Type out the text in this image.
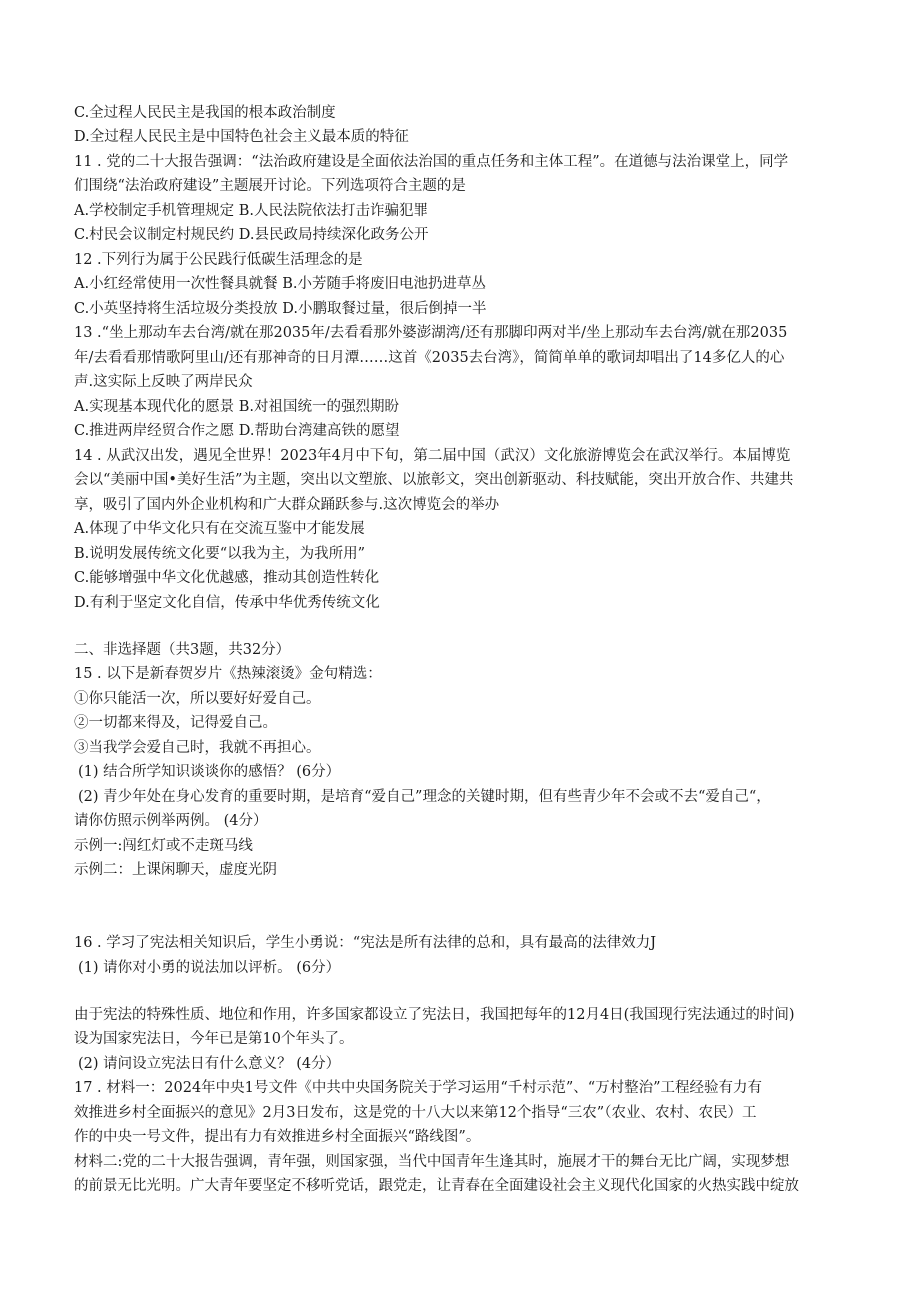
C.全过程人民民主是我国的根本政治制度
D.全过程人民民主是中国特色社会主义最本质的特征
11 . 党的二十大报告强调：“法治政府建设是全面依法治国的重点任务和主体工程”。在道德与法治课堂上，同学
们围绕“法治政府建设”主题展开讨论。下列选项符合主题的是
A.学校制定手机管理规定 B.人民法院依法打击诈骗犯罪
C.村民会议制定村规民约 D.县民政局持续深化政务公开
12 .下列行为属于公民践行低碳生活理念的是
A.小红经常使用一次性餐具就餐 B.小芳随手将废旧电池扔进草丛
C.小英坚持将生活垃圾分类投放 D.小鹏取餐过量，很后倒掉一半
13 .“坐上那动车去台湾/就在那2035年/去看看那外婆澎湖湾/还有那脚印两对半/坐上那动车去台湾/就在那2035
年/去看看那情歌阿里山/还有那神奇的日月潭……这首《2035去台湾》，简简单单的歌词却唱出了14多亿人的心
声.这实际上反映了两岸民众
A.实现基本现代化的愿景 B.对祖国统一的强烈期盼
C.推进两岸经贸合作之愿 D.帮助台湾建高铁的愿望
14 . 从武汉出发，遇见全世界！2023年4月中下旬，第二届中国（武汉）文化旅游博览会在武汉举行。本届博览
会以“美丽中国•美好生活”为主题，突出以文塑旅、以旅彰文，突出创新驱动、科技赋能，突出开放合作、共建共
享，吸引了国内外企业机构和广大群众踊跃参与.这次博览会的举办
A.体现了中华文化只有在交流互鉴中才能发展
B.说明发展传统文化要“以我为主，为我所用”
C.能够增强中华文化优越感，推动其创造性转化
D.有利于坚定文化自信，传承中华优秀传统文化
二、非选择题（共3题，共32分）
15 . 以下是新春贺岁片《热辣滚烫》金句精选：
①你只能活一次，所以要好好爱自己。
②一切都来得及，记得爱自己。
③当我学会爱自己时，我就不再担心。
(1) 结合所学知识谈谈你的感悟？ (6分）
(2) 青少年处在身心发育的重要时期，是培育“爱自己”理念的关键时期，但有些青少年不会或不去“爱自己“，
请你仿照示例举两例。 (4分）
示例一:闯红灯或不走斑马线
示例二：上课闲聊天，虚度光阴
16 . 学习了宪法相关知识后，学生小勇说：“宪法是所有法律的总和，具有最高的法律效力J
(1) 请你对小勇的说法加以评析。 (6分）
由于宪法的特殊性质、地位和作用，许多国家都设立了宪法日，我国把每年的12月4日(我国现行宪法通过的时间)
设为国家宪法日，今年已是第10个年头了。
(2) 请问设立宪法日有什么意义？ (4分）
17 . 材料一：2024年中央1号文件《中共中央国务院关于学习运用“千村示范”、“万村整治”工程经验有力有
效推进乡村全面振兴的意见》2月3日发布，这是党的十八大以来第12个指导“三农”（农业、农村、农民）工
作的中央一号文件，提出有力有效推进乡村全面振兴“路线图”。
材料二:党的二十大报告强调，青年强，则国家强，当代中国青年生逢其时，施展才干的舞台无比广阔，实现梦想
的前景无比光明。广大青年要坚定不移听党话，跟党走，让青春在全面建设社会主义现代化国家的火热实践中绽放
